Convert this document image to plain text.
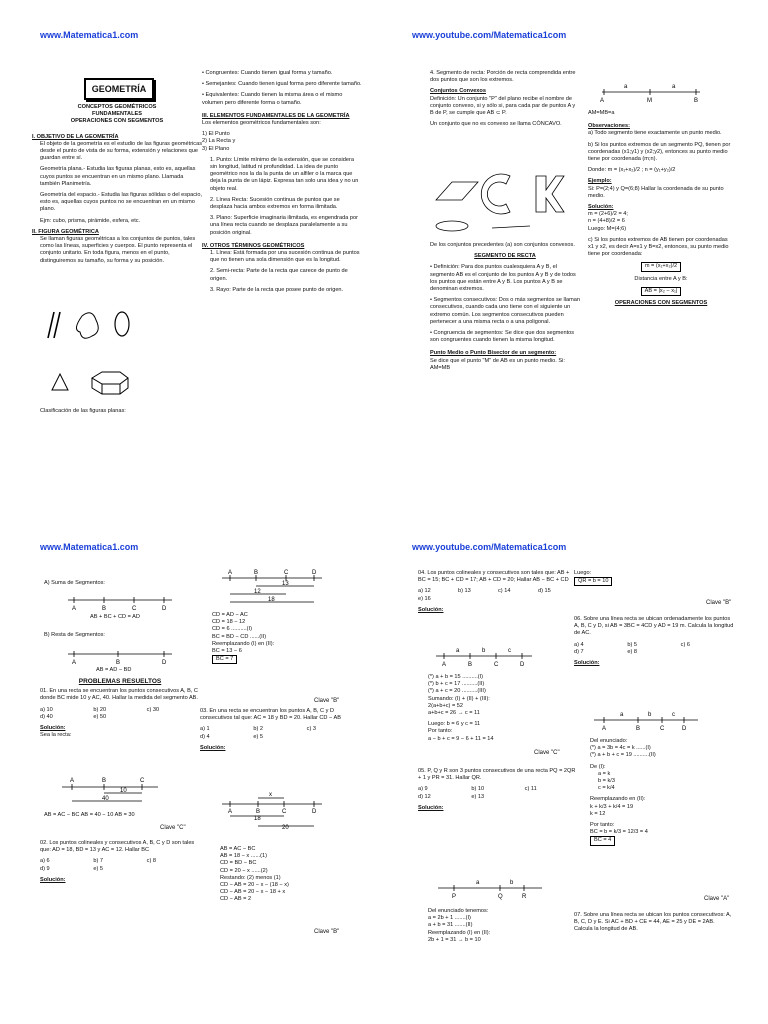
www.Matematica1.com
GEOMETRÍA
CONCEPTOS GEOMÉTRICOS
FUNDAMENTALES
OPERACIONES CON SEGMENTOS
I. OBJETIVO DE LA GEOMETRÍA

El objeto de la geometría es el estudio de las figuras geométricas desde el punto de vista de su forma, extensión y relaciones que guardan entre sí.

Geometría plana.- Estudia las figuras planas, esto es, aquellas cuyos puntos se encuentran en un mismo plano. Llamada también Planimetría.

Geometría del espacio.- Estudia las figuras sólidas o del espacio, esto es, aquellas cuyos puntos no se encuentran en un mismo plano.

Ejm: cubo, prisma, pirámide, esfera, etc.

II. FIGURA GEOMÉTRICA

Se llaman figuras geométricas a los conjuntos de puntos, tales como las líneas, superficies y cuerpos. El punto representa el conjunto unitario. En toda figura, menos en el punto, distinguiremos su tamaño, su forma y su posición.

Clasificación de las figuras planas:

• Congruentes: Cuando tienen igual forma y tamaño.

• Semejantes: Cuando tienen igual forma pero diferente tamaño.

• Equivalentes: Cuando tienen la misma área o el mismo volumen pero diferente forma o tamaño.

III. ELEMENTOS FUNDAMENTALES DE LA GEOMETRÍA

Los elementos geométricos fundamentales son:

1) El Punto
2) La Recta y

3) El Plano

1. Punto: Límite mínimo de la extensión, que se considera sin longitud, latitud ni profundidad. La idea de punto geométrico nos la da la punta de un alfiler o la marca que deja la punta de un lápiz. Expresa tan solo una idea y no un objeto real.

2. Línea Recta: Sucesión continua de puntos que se desplaza hacia ambos extremos en forma ilimitada.

3. Plano: Superficie imaginaria ilimitada, es engendrada por una línea recta cuando se desplaza paralelamente a su posición original.

IV. OTROS TÉRMINOS GEOMÉTRICOS

1. Línea: Está formada por una sucesión continua de puntos que no tienen una sola dimensión que es la longitud.

2. Semi-recta: Parte de la recta que carece de punto de origen.

3. Rayo: Parte de la recta que posee punto de origen.

www.youtube.com/Matematica1com

4. Segmento de recta: Porción de recta comprendida entre dos puntos que son los extremos.

Conjuntos Convexos

Definición: Un conjunto "P" del plano recibe el nombre de conjunto convexo, si y sólo si, para cada par de puntos A y B de P, se cumple que AB ⊂ P.

Un conjunto que no es convexo se llama CÓNCAVO.

De los conjuntos precedentes (a) son conjuntos convexos.

SEGMENTO DE RECTA

• Definición: Para dos puntos cualesquiera A y B, el segmento AB es el conjunto de los puntos A y B y de todos los puntos que están entre A y B. Los puntos A y B se denominan extremos.

• Segmentos consecutivos: Dos o más segmentos se llaman consecutivos, cuando cada uno tiene con el siguiente un extremo común. Los segmentos consecutivos pueden pertenecer a una misma recta o a una poligonal.

• Congruencia de segmentos: Se dice que dos segmentos son congruentes cuando tienen la misma longitud.

Punto Medio o Punto Bisector de un segmento:

Se dice que el punto "M" de AB es un punto medio. Si: AM=MB

a	a
A	M	B
AM=MB=a
Observaciones:

a) Todo segmento tiene exactamente un punto medio.

b) Si los puntos extremos de un segmento PQ, tienen por coordenadas (x1;y1) y (x2;y2), entonces su punto medio tiene por coordenada (m;n).

Donde: m = (x₁+x₂)/2 ; n = (y₁+y₂)/2

Ejemplo:

Si: P=(2;4) y Q=(6;8) Hallar la coordenada de su punto medio.

Solución:
m = (2+6)/2 = 4;
n = (4+8)/2 = 6

Luego: M=(4;6)

c) Si los puntos extremos de AB tienen por coordenadas x1 y x2, es decir A=x1 y B=x2, entonces, su punto medio tiene por coordenada:

m = (x₁+x₂)/2

Distancia entre A y B:

AB = |x₂ − x₁|

OPERACIONES CON SEGMENTOS
www.Matematica1.com
A) Suma de Segmentos:
A	B	C	D
AB + BC + CD = AD
B) Resta de Segmentos:
A	B	D
AB = AD − BD
PROBLEMAS RESUELTOS

01. En una recta se encuentran los puntos consecutivos A, B, C donde BC mide 10 y AC, 40. Hallar la medida del segmento AB.

a) 10	b) 20	c) 30
d) 40	e) 50
Solución:
Sea la recta:
A	B	C
10
40
AB = AC − BC AB = 40 − 10 AB = 30
Clave "C"

02. Los puntos colineales y consecutivos A, B, C y D son tales que: AD = 18, BD = 13 y AC = 12. Hallar BC

a) 6	b) 7	c) 8
d) 9	e) 5
Solución:
A	B	C	D
13
12
18
CD = AD − AC
CD = 18 − 12
CD = 6 ..........(I)
BC = BD − CD ......(II)
Reemplazando (I) en (II):
BC = 13 − 6
BC = 7
Clave "B"

03. En una recta se encuentran los puntos A, B, C y D consecutivos tal que: AC = 18 y BD = 20. Hallar CD − AB

a) 1	b) 2	c) 3
d) 4	e) 5
Solución:
x
A	B	C	D
18
20
AB = AC − BC
AB = 18 − x ......(1)
CD = BD − BC
CD = 20 − x ......(2)
Restando: (2) menos (1)
CD − AB = 20 − x − (18 − x)
CD − AB = 20 − x − 18 + x
CD − AB = 2
Clave "B"
www.youtube.com/Matematica1com

04. Los puntos colineales y consecutivos son tales que: AB + BC = 15; BC + CD = 17; AB + CD = 20; Hallar AB − BC + CD

a) 12	b) 13	c) 14	d) 15
e) 16
Solución:
a	b	c
A	B	C	D
(*) a + b = 15 ..........(I)
(*) b + c = 17 ..........(II)
(*) a + c = 20 ..........(III)
Sumando: (I) + (II) + (III):
2(a+b+c) = 52
a+b+c = 26 → c = 11
Luego: b = 6 y c = 11
Por tanto:
a − b + c = 9 − 6 + 11 = 14
Clave "C"

05. P, Q y R son 3 puntos consecutivos de una recta PQ = 2QR + 1 y PR = 31. Hallar QR.

a) 9	b) 10	c) 11
d) 12	e) 13
Solución:
a	b
P	Q	R
Del enunciado tenemos:
a = 2b + 1 .......(I)
a + b = 31 .......(II)
Reemplazando (I) en (II):
2b + 1 = 31 → b = 10
Luego:
QR = b = 10
Clave "B"

06. Sobre una línea recta se ubican ordenadamente los puntos A, B, C y D, si AB = 3BC = 4CD y AD = 19 m. Calcula la longitud de AC.

a) 4	b) 5	c) 6
d) 7	e) 8
Solución:
a	b	c
A	B	C	D
Del enunciado:
(*) a = 3b = 4c = k ......(I)
(*) a + b + c = 19 ..........(II)
De (I):
a = k
b = k/3
c = k/4
Reemplazando en (II):
k + k/3 + k/4 = 19
k = 12
Por tanto:
BC = b = k/3 = 12/3 = 4
BC = 4
Clave "A"

07. Sobre una línea recta se ubican los puntos consecutivos: A, B, C, D y E. Si AC + BD + CE = 44, AE = 25 y DE = 2AB. Calcula la longitud de AB.
